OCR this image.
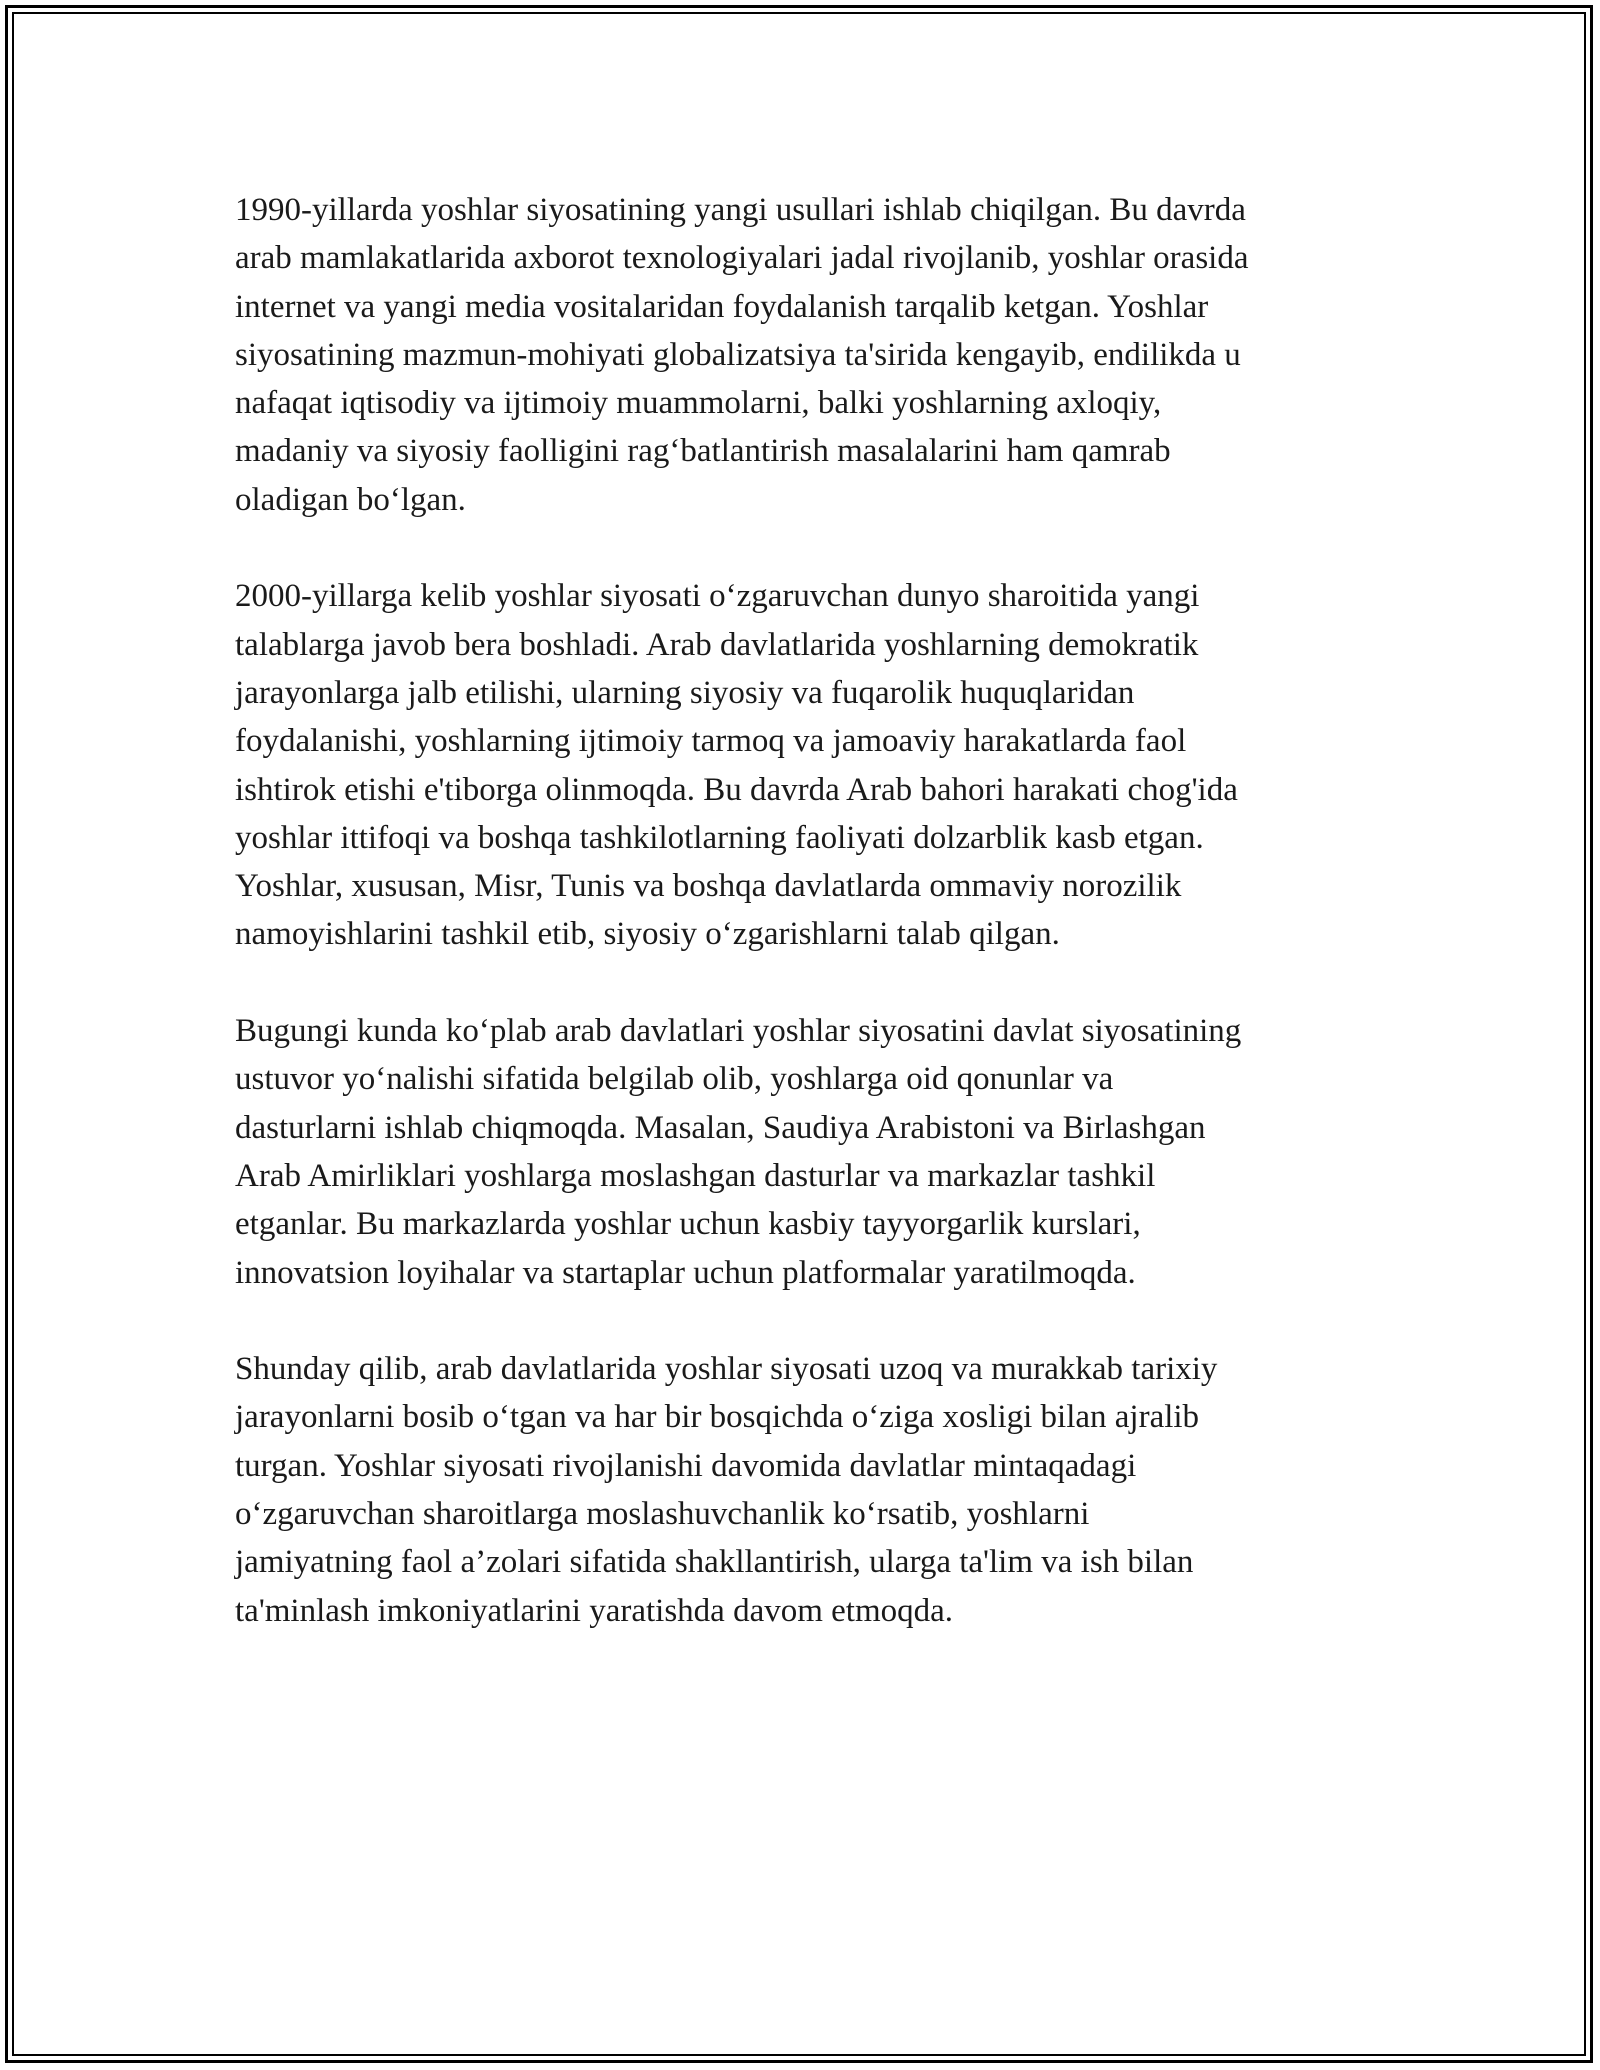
1990-yillarda yoshlar siyosatining yangi usullari ishlab chiqilgan. Bu davrda
arab mamlakatlarida axborot texnologiyalari jadal rivojlanib, yoshlar orasida
internet va yangi media vositalaridan foydalanish tarqalib ketgan. Yoshlar
siyosatining mazmun-mohiyati globalizatsiya ta'sirida kengayib, endilikda u
nafaqat iqtisodiy va ijtimoiy muammolarni, balki yoshlarning axloqiy,
madaniy va siyosiy faolligini rag‘batlantirish masalalarini ham qamrab
oladigan bo‘lgan.

2000-yillarga kelib yoshlar siyosati o‘zgaruvchan dunyo sharoitida yangi
talablarga javob bera boshladi. Arab davlatlarida yoshlarning demokratik
jarayonlarga jalb etilishi, ularning siyosiy va fuqarolik huquqlaridan
foydalanishi, yoshlarning ijtimoiy tarmoq va jamoaviy harakatlarda faol
ishtirok etishi e'tiborga olinmoqda. Bu davrda Arab bahori harakati chog'ida
yoshlar ittifoqi va boshqa tashkilotlarning faoliyati dolzarblik kasb etgan.
Yoshlar, xususan, Misr, Tunis va boshqa davlatlarda ommaviy norozilik
namoyishlarini tashkil etib, siyosiy o‘zgarishlarni talab qilgan.

Bugungi kunda ko‘plab arab davlatlari yoshlar siyosatini davlat siyosatining
ustuvor yo‘nalishi sifatida belgilab olib, yoshlarga oid qonunlar va
dasturlarni ishlab chiqmoqda. Masalan, Saudiya Arabistoni va Birlashgan
Arab Amirliklari yoshlarga moslashgan dasturlar va markazlar tashkil
etganlar. Bu markazlarda yoshlar uchun kasbiy tayyorgarlik kurslari,
innovatsion loyihalar va startaplar uchun platformalar yaratilmoqda.

Shunday qilib, arab davlatlarida yoshlar siyosati uzoq va murakkab tarixiy
jarayonlarni bosib o‘tgan va har bir bosqichda o‘ziga xosligi bilan ajralib
turgan. Yoshlar siyosati rivojlanishi davomida davlatlar mintaqadagi
o‘zgaruvchan sharoitlarga moslashuvchanlik ko‘rsatib, yoshlarni
jamiyatning faol a’zolari sifatida shakllantirish, ularga ta'lim va ish bilan
ta'minlash imkoniyatlarini yaratishda davom etmoqda.
